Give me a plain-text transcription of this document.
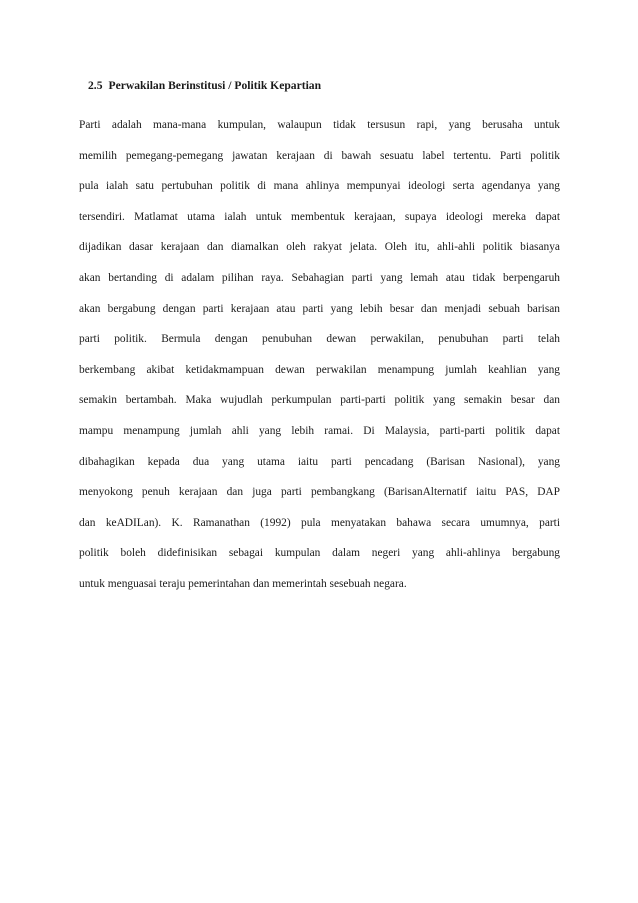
2.5 Perwakilan Berinstitusi / Politik Kepartian
Parti adalah mana-mana kumpulan, walaupun tidak tersusun rapi, yang berusaha untuk
memilih pemegang-pemegang jawatan kerajaan di bawah sesuatu label tertentu. Parti politik
pula ialah satu pertubuhan politik di mana ahlinya mempunyai ideologi serta agendanya yang
tersendiri. Matlamat utama ialah untuk membentuk kerajaan, supaya ideologi mereka dapat
dijadikan dasar kerajaan dan diamalkan oleh rakyat jelata. Oleh itu, ahli-ahli politik biasanya
akan bertanding di adalam pilihan raya. Sebahagian parti yang lemah atau tidak berpengaruh
akan bergabung dengan parti kerajaan atau parti yang lebih besar dan menjadi sebuah barisan
parti politik. Bermula dengan penubuhan dewan perwakilan, penubuhan parti telah
berkembang akibat ketidakmampuan dewan perwakilan menampung jumlah keahlian yang
semakin bertambah. Maka wujudlah perkumpulan parti-parti politik yang semakin besar dan
mampu menampung jumlah ahli yang lebih ramai. Di Malaysia, parti-parti politik dapat
dibahagikan kepada dua yang utama iaitu parti pencadang (Barisan Nasional), yang
menyokong penuh kerajaan dan juga parti pembangkang (BarisanAlternatif iaitu PAS, DAP
dan keADILan). K. Ramanathan (1992) pula menyatakan bahawa secara umumnya, parti
politik boleh didefinisikan sebagai kumpulan dalam negeri yang ahli-ahlinya bergabung
untuk menguasai teraju pemerintahan dan memerintah sesebuah negara.
